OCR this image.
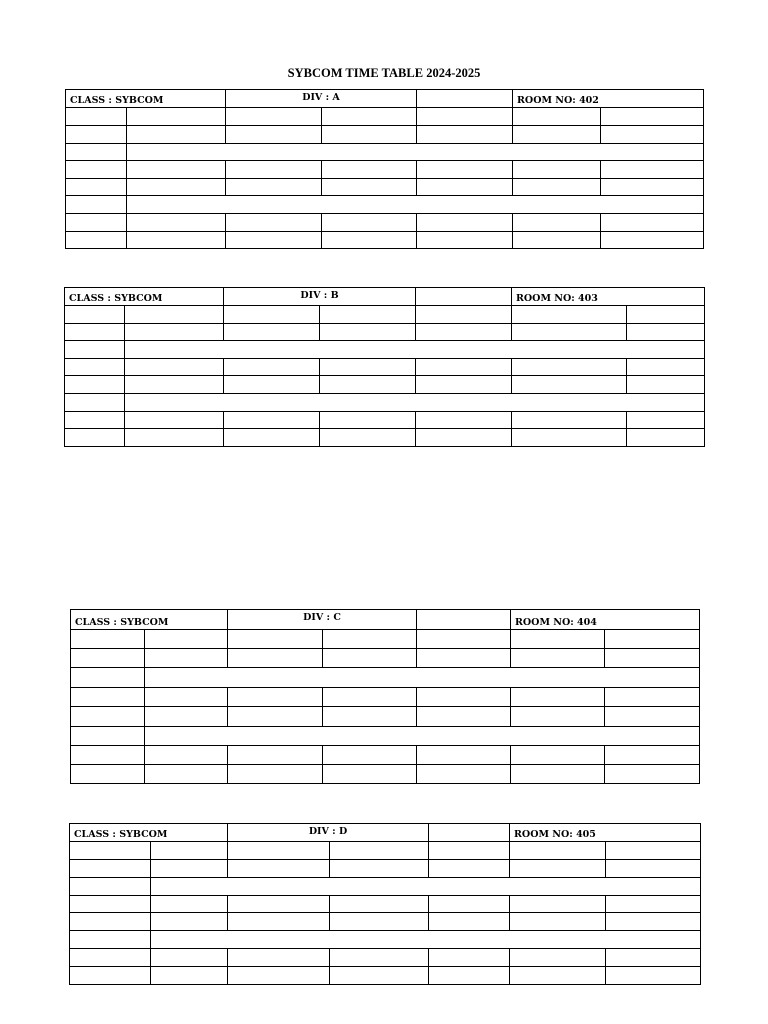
SYBCOM TIME TABLE 2024-2025
CLASS : SYBCOM		DIV : A			ROOM NO: 402	

CLASS : SYBCOM		DIV : B			ROOM NO: 403	

CLASS : SYBCOM		DIV : C			ROOM NO: 404	

CLASS : SYBCOM		DIV : D			ROOM NO: 405	
